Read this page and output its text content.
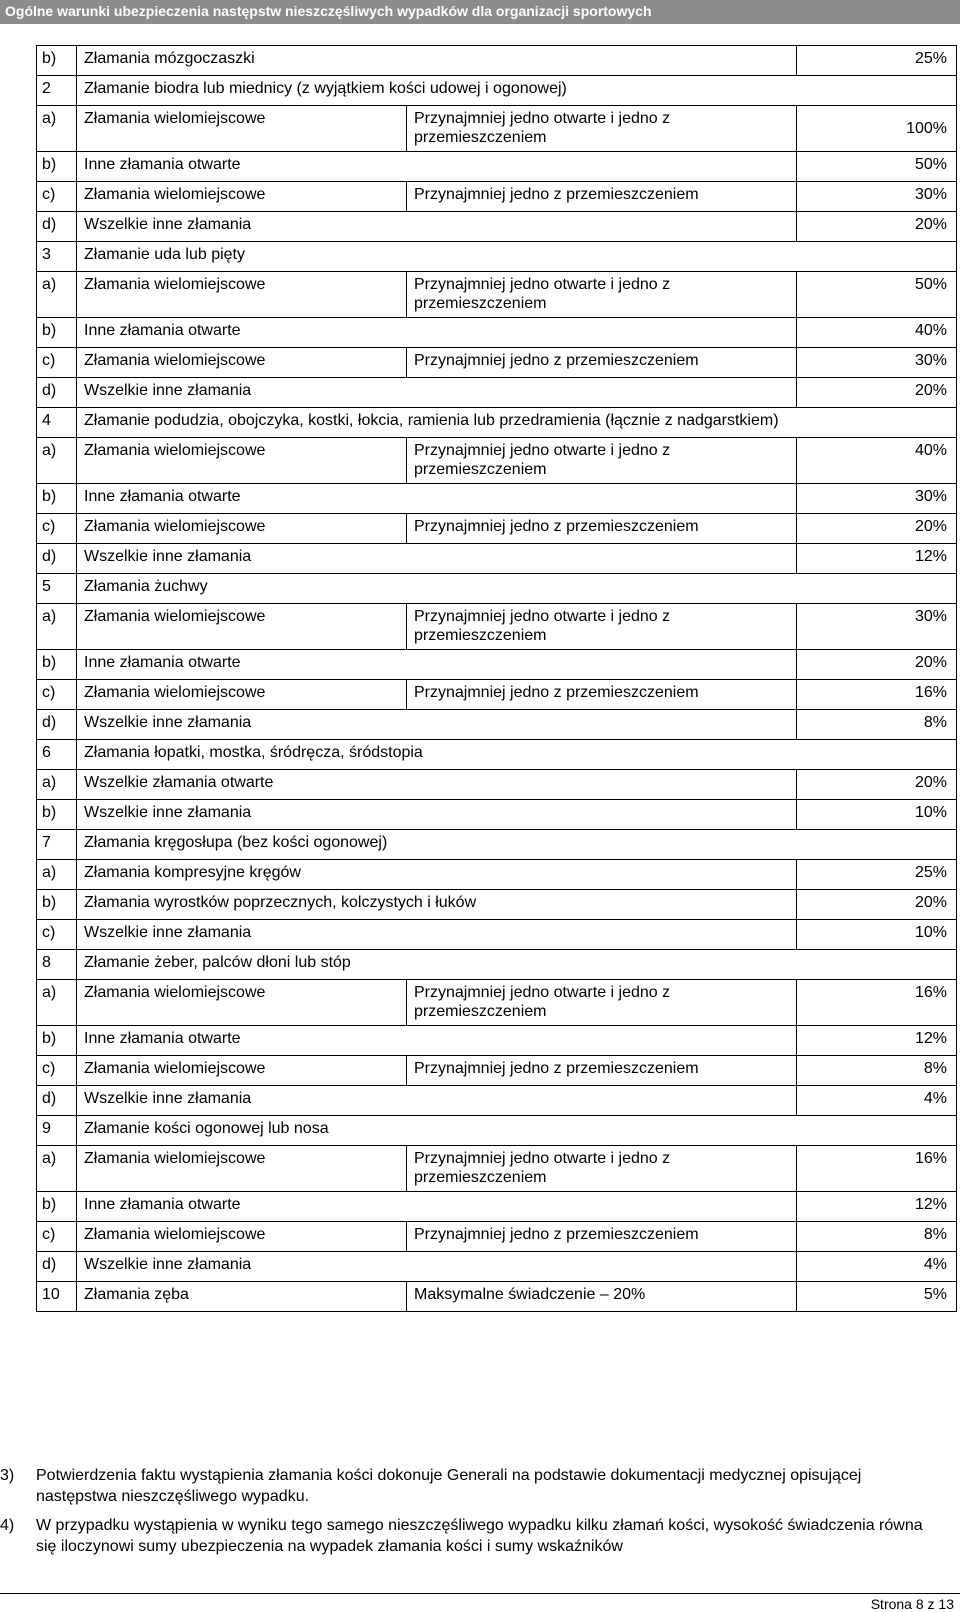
Ogólne warunki ubezpieczenia następstw nieszczęśliwych wypadków dla organizacji sportowych
b)	Złamania mózgoczaszki		25%
2	Złamanie biodra lub miednicy (z wyjątkiem kości udowej i ogonowej)		
a)	Złamania wielomiejscowe	Przynajmniej jedno otwarte i jedno z przemieszczeniem	100%
b)	Inne złamania otwarte		50%
c)	Złamania wielomiejscowe	Przynajmniej jedno z przemieszczeniem	30%
d)	Wszelkie inne złamania		20%
3	Złamanie uda lub pięty		
a)	Złamania wielomiejscowe	Przynajmniej jedno otwarte i jedno z przemieszczeniem	50%
b)	Inne złamania otwarte		40%
c)	Złamania wielomiejscowe	Przynajmniej jedno z przemieszczeniem	30%
d)	Wszelkie inne złamania		20%
4	Złamanie podudzia, obojczyka, kostki, łokcia, ramienia lub przedramienia (łącznie z nadgarstkiem)		
a)	Złamania wielomiejscowe	Przynajmniej jedno otwarte i jedno z przemieszczeniem	40%
b)	Inne złamania otwarte		30%
c)	Złamania wielomiejscowe	Przynajmniej jedno z przemieszczeniem	20%
d)	Wszelkie inne złamania		12%
5	Złamania żuchwy		
a)	Złamania wielomiejscowe	Przynajmniej jedno otwarte i jedno z przemieszczeniem	30%
b)	Inne złamania otwarte		20%
c)	Złamania wielomiejscowe	Przynajmniej jedno z przemieszczeniem	16%
d)	Wszelkie inne złamania		8%
6	Złamania łopatki, mostka, śródręcza, śródstopia		
a)	Wszelkie złamania otwarte		20%
b)	Wszelkie inne złamania		10%
7	Złamania kręgosłupa (bez kości ogonowej)		
a)	Złamania kompresyjne kręgów		25%
b)	Złamania wyrostków poprzecznych, kolczystych i łuków		20%
c)	Wszelkie inne złamania		10%
8	Złamanie żeber, palców dłoni lub stóp		
a)	Złamania wielomiejscowe	Przynajmniej jedno otwarte i jedno z przemieszczeniem	16%
b)	Inne złamania otwarte		12%
c)	Złamania wielomiejscowe	Przynajmniej jedno z przemieszczeniem	8%
d)	Wszelkie inne złamania		4%
9	Złamanie kości ogonowej lub nosa		
a)	Złamania wielomiejscowe	Przynajmniej jedno otwarte i jedno z przemieszczeniem	16%
b)	Inne złamania otwarte		12%
c)	Złamania wielomiejscowe	Przynajmniej jedno z przemieszczeniem	8%
d)	Wszelkie inne złamania		4%
10	Złamania zęba	Maksymalne świadczenie – 20%	5%
3) Potwierdzenia faktu wystąpienia złamania kości dokonuje Generali na podstawie dokumentacji medycznej opisującej następstwa nieszczęśliwego wypadku.
4) W przypadku wystąpienia w wyniku tego samego nieszczęśliwego wypadku kilku złamań kości, wysokość świadczenia równa się iloczynowi sumy ubezpieczenia na wypadek złamania kości i sumy wskaźników
Strona 8 z 13
